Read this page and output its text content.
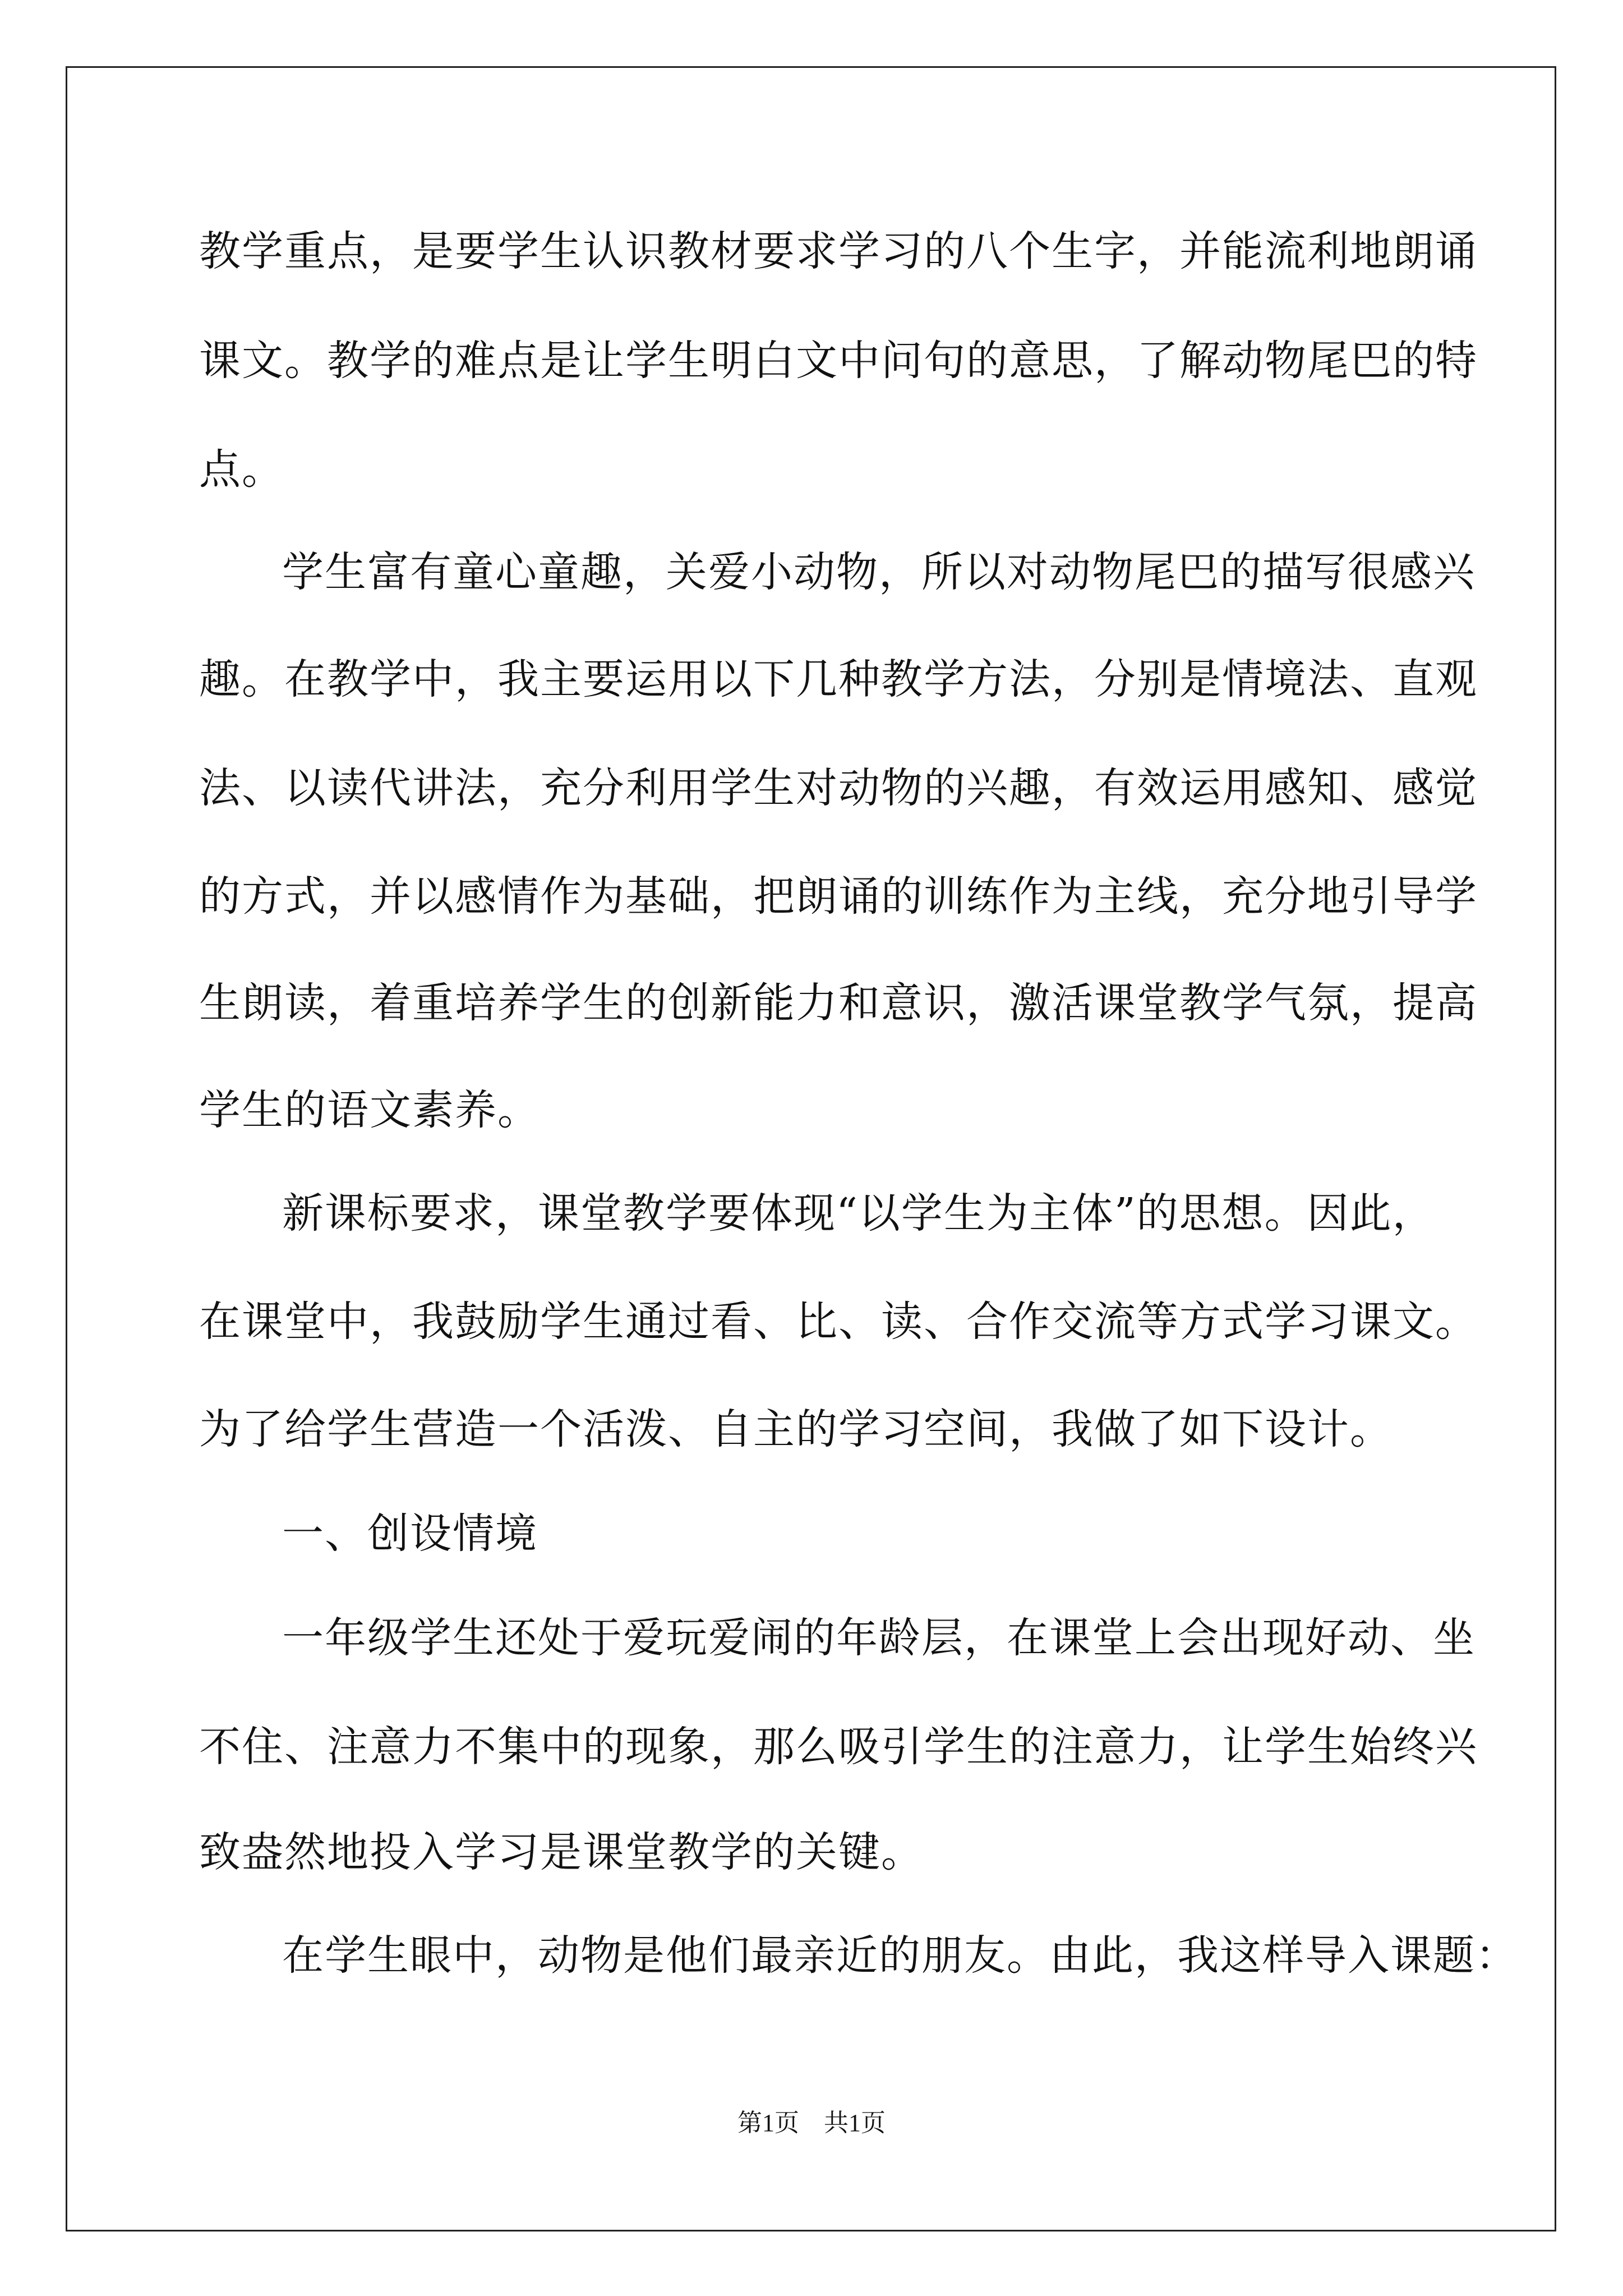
教学重点，是要学生认识教材要求学习的八个生字，并能流利地朗诵
课文。教学的难点是让学生明白文中问句的意思，了解动物尾巴的特
点。
学生富有童心童趣，关爱小动物，所以对动物尾巴的描写很感兴
趣。在教学中，我主要运用以下几种教学方法，分别是情境法、直观
法、以读代讲法，充分利用学生对动物的兴趣，有效运用感知、感觉
的方式，并以感情作为基础，把朗诵的训练作为主线，充分地引导学
生朗读，着重培养学生的创新能力和意识，激活课堂教学气氛，提高
学生的语文素养。
新课标要求，课堂教学要体现“以学生为主体”的思想。因此，
在课堂中，我鼓励学生通过看、比、读、合作交流等方式学习课文。
为了给学生营造一个活泼、自主的学习空间，我做了如下设计。
一、创设情境
一年级学生还处于爱玩爱闹的年龄层，在课堂上会出现好动、坐
不住、注意力不集中的现象，那么吸引学生的注意力，让学生始终兴
致盎然地投入学习是课堂教学的关键。
在学生眼中，动物是他们最亲近的朋友。由此，我这样导入课题：
第1页　共1页
